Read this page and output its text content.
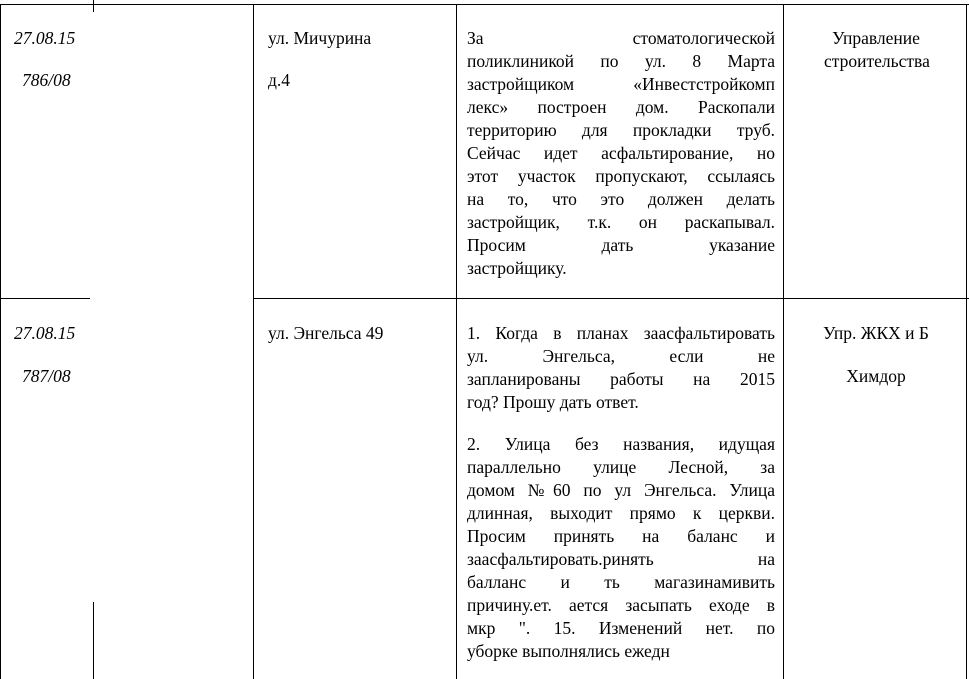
27.08.15
786/08
ул. Мичурина
д.4
За стоматологической
поликлиникой по ул. 8 Марта
застройщиком «Инвестстройкомп
лекс» построен дом. Раскопали
территорию для прокладки труб.
Сейчас идет асфальтирование, но
этот участок пропускают, ссылаясь
на то, что это должен делать
застройщик, т.к. он раскапывал.
Просим дать указание
застройщику.
Управление строительства
27.08.15
787/08
ул. Энгельса 49	1. Когда в планах заасфальтировать
ул. Энгельса, если не
запланированы работы на 2015
год? Прошу дать ответ.
2. Улица без названия, идущая
параллельно улице Лесной, за
домом №60 по ул Энгельса. Улица
длинная, выходит прямо к церкви.
Просим принять на баланс и
заасфальтировать.ринять на
балланс и ть магазинамивить
причину.ет. ается засыпать еходе в
мкр ". 15. Изменений нет. по
уборке выполнялись ежедн
Упр. ЖКХ и Б
Химдор
